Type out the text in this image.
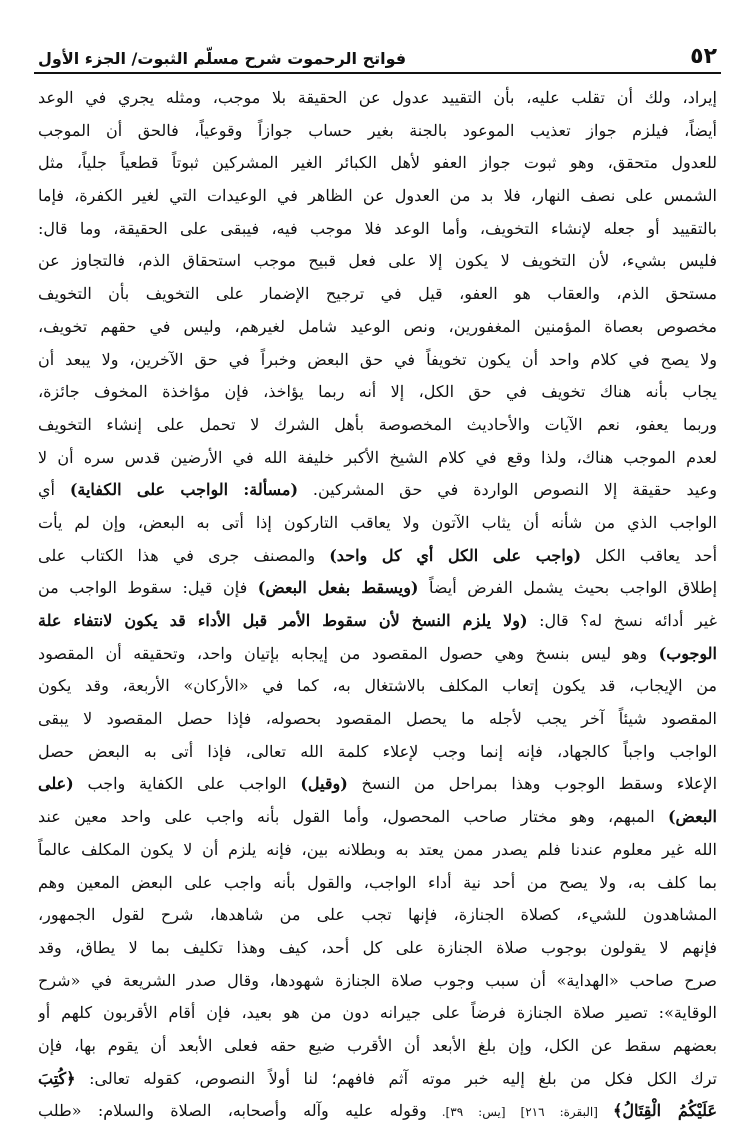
٥٢
فواتح الرحموت شرح مسلّم الثبوت/ الجزء الأول
إيراد، ولك أن تقلب عليه، بأن التقييد عدول عن الحقيقة بلا موجب، ومثله يجري في الوعد
أيضاً، فيلزم جواز تعذيب الموعود بالجنة بغير حساب جوازاً وقوعياً، فالحق أن الموجب
للعدول متحقق، وهو ثبوت جواز العفو لأهل الكبائر الغير المشركين ثبوتاً قطعياً جلياً، مثل
الشمس على نصف النهار، فلا بد من العدول عن الظاهر في الوعيدات التي لغير الكفرة، فإما
بالتقييد أو جعله لإنشاء التخويف، وأما الوعد فلا موجب فيه، فيبقى على الحقيقة، وما قال:
فليس بشيء، لأن التخويف لا يكون إلا على فعل قبيح موجب استحقاق الذم، فالتجاوز عن
مستحق الذم، والعقاب هو العفو، قيل في ترجيح الإضمار على التخويف بأن التخويف
مخصوص بعصاة المؤمنين المغفورين، ونص الوعيد شامل لغيرهم، وليس في حقهم تخويف،
ولا يصح في كلام واحد أن يكون تخويفاً في حق البعض وخبراً في حق الآخرين، ولا يبعد أن
يجاب بأنه هناك تخويف في حق الكل، إلا أنه ربما يؤاخذ، فإن مؤاخذة المخوف جائزة،
وربما يعفو، نعم الآيات والأحاديث المخصوصة بأهل الشرك لا تحمل على إنشاء التخويف
لعدم الموجب هناك، ولذا وقع في كلام الشيخ الأكبر خليفة الله في الأرضين قدس سره أن لا
وعيد حقيقة إلا النصوص الواردة في حق المشركين. (مسألة: الواجب على الكفاية) أي
الواجب الذي من شأنه أن يثاب الآتون ولا يعاقب التاركون إذا أتى به البعض، وإن لم يأت
أحد يعاقب الكل (واجب على الكل أي كل واحد) والمصنف جرى في هذا الكتاب على
إطلاق الواجب بحيث يشمل الفرض أيضاً (ويسقط بفعل البعض) فإن قيل: سقوط الواجب من
غير أدائه نسخ له؟ قال: (ولا يلزم النسخ لأن سقوط الأمر قبل الأداء قد يكون لانتفاء علة
الوجوب) وهو ليس بنسخ وهي حصول المقصود من إيجابه بإتيان واحد، وتحقيقه أن المقصود
من الإيجاب، قد يكون إتعاب المكلف بالاشتغال به، كما في «الأركان» الأربعة، وقد يكون
المقصود شيئاً آخر يجب لأجله ما يحصل المقصود بحصوله، فإذا حصل المقصود لا يبقى
الواجب واجباً كالجهاد، فإنه إنما وجب لإعلاء كلمة الله تعالى، فإذا أتى به البعض حصل
الإعلاء وسقط الوجوب وهذا بمراحل من النسخ (وقيل) الواجب على الكفاية واجب (على
البعض) المبهم، وهو مختار صاحب المحصول، وأما القول بأنه واجب على واحد معين عند
الله غير معلوم عندنا فلم يصدر ممن يعتد به وبطلانه بين، فإنه يلزم أن لا يكون المكلف عالماً
بما كلف به، ولا يصح من أحد نية أداء الواجب، والقول بأنه واجب على البعض المعين وهم
المشاهدون للشيء، كصلاة الجنازة، فإنها تجب على من شاهدها، شرح لقول الجمهور،
فإنهم لا يقولون بوجوب صلاة الجنازة على كل أحد، كيف وهذا تكليف بما لا يطاق، وقد
صرح صاحب «الهداية» أن سبب وجوب صلاة الجنازة شهودها، وقال صدر الشريعة في «شرح
الوقاية»: تصير صلاة الجنازة فرضاً على جيرانه دون من هو بعيد، فإن أقام الأقربون كلهم أو
بعضهم سقط عن الكل، وإن بلغ الأبعد أن الأقرب ضيع حقه فعلى الأبعد أن يقوم بها، فإن
ترك الكل فكل من بلغ إليه خبر موته آثم فافهم؛ لنا أولاً النصوص، كقوله تعالى: ﴿كُتِبَ
عَلَيْكُمُ الْقِتَالُ﴾ [البقرة: ٢١٦] [يس: ٣٩]. وقوله عليه وآله وأصحابه، الصلاة والسلام: «طلب
